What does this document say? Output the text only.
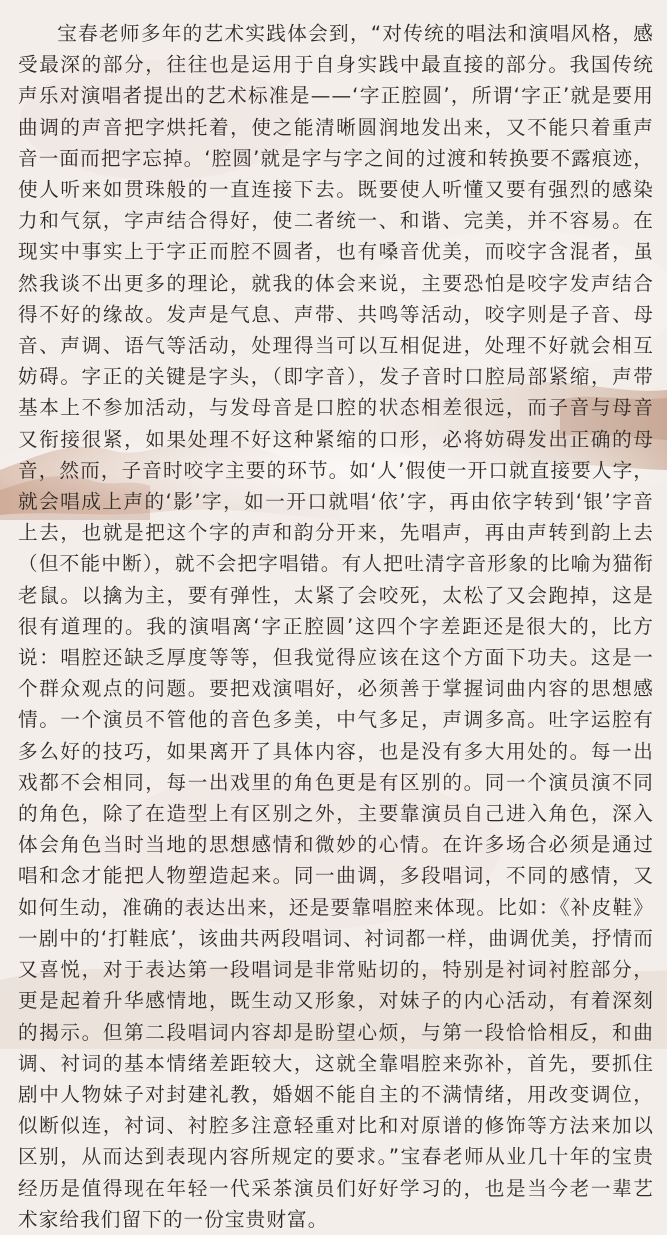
宝春老师多年的艺术实践体会到，“对传统的唱法和演唱风格，感受最深的部分，往往也是运用于自身实践中最直接的部分。我国传统声乐对演唱者提出的艺术标准是——‘字正腔圆’，所谓‘字正’就是要用曲调的声音把字烘托着，使之能清晰圆润地发出来，又不能只着重声音一面而把字忘掉。‘腔圆’就是字与字之间的过渡和转换要不露痕迹，使人听来如贯珠般的一直连接下去。既要使人听懂又要有强烈的感染力和气氛，字声结合得好，使二者统一、和谐、完美，并不容易。在现实中事实上于字正而腔不圆者，也有嗓音优美，而咬字含混者，虽然我谈不出更多的理论，就我的体会来说，主要恐怕是咬字发声结合得不好的缘故。发声是气息、声带、共鸣等活动，咬字则是子音、母音、声调、语气等活动，处理得当可以互相促进，处理不好就会相互妨碍。字正的关键是字头，（即字音），发子音时口腔局部紧缩，声带基本上不参加活动，与发母音是口腔的状态相差很远，而子音与母音又衔接很紧，如果处理不好这种紧缩的口形，必将妨碍发出正确的母音，然而，子音时咬字主要的环节。如‘人’假使一开口就直接要人字，就会唱成上声的‘影’字，如一开口就唱‘依’字，再由依字转到‘银’字音上去，也就是把这个字的声和韵分开来，先唱声，再由声转到韵上去（但不能中断），就不会把字唱错。有人把吐清字音形象的比喻为猫衔老鼠。以擒为主，要有弹性，太紧了会咬死，太松了又会跑掉，这是很有道理的。我的演唱离‘字正腔圆’这四个字差距还是很大的，比方说：唱腔还缺乏厚度等等，但我觉得应该在这个方面下功夫。这是一个群众观点的问题。要把戏演唱好，必须善于掌握词曲内容的思想感情。一个演员不管他的音色多美，中气多足，声调多高。吐字运腔有多么好的技巧，如果离开了具体内容，也是没有多大用处的。每一出戏都不会相同，每一出戏里的角色更是有区别的。同一个演员演不同的角色，除了在造型上有区别之外，主要靠演员自己进入角色，深入体会角色当时当地的思想感情和微妙的心情。在许多场合必须是通过唱和念才能把人物塑造起来。同一曲调，多段唱词，不同的感情，又如何生动，准确的表达出来，还是要靠唱腔来体现。比如：《补皮鞋》一剧中的‘打鞋底’，该曲共两段唱词、衬词都一样，曲调优美，抒情而又喜悦，对于表达第一段唱词是非常贴切的，特别是衬词衬腔部分，更是起着升华感情地，既生动又形象，对妹子的内心活动，有着深刻的揭示。但第二段唱词内容却是盼望心烦，与第一段恰恰相反，和曲调、衬词的基本情绪差距较大，这就全靠唱腔来弥补，首先，要抓住剧中人物妹子对封建礼教，婚姻不能自主的不满情绪，用改变调位，似断似连，衬词、衬腔多注意轻重对比和对原谱的修饰等方法来加以区别，从而达到表现内容所规定的要求。”宝春老师从业几十年的宝贵经历是值得现在年轻一代采茶演员们好好学习的，也是当今老一辈艺术家给我们留下的一份宝贵财富。
